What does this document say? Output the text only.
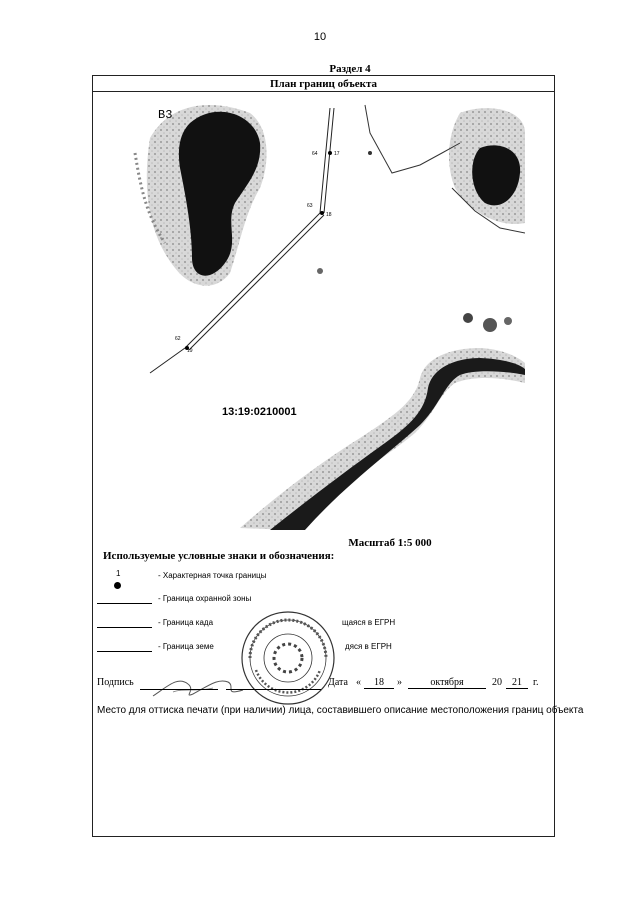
10
Раздел 4
План границ объекта
64	17
63
18
62
19
В3
13:19:0210001
Масштаб 1:5 000
Используемые условные знаки и обозначения:
1	- Характерная точка границы
- Граница охранной зоны
- Граница када	щаяся в ЕГРН
- Граница земе	дяся в ЕГРН
Подпись	Дата «	18	»	октября	20	21	г.
Место для оттиска печати (при наличии) лица, составившего описание местоположения границ объекта
